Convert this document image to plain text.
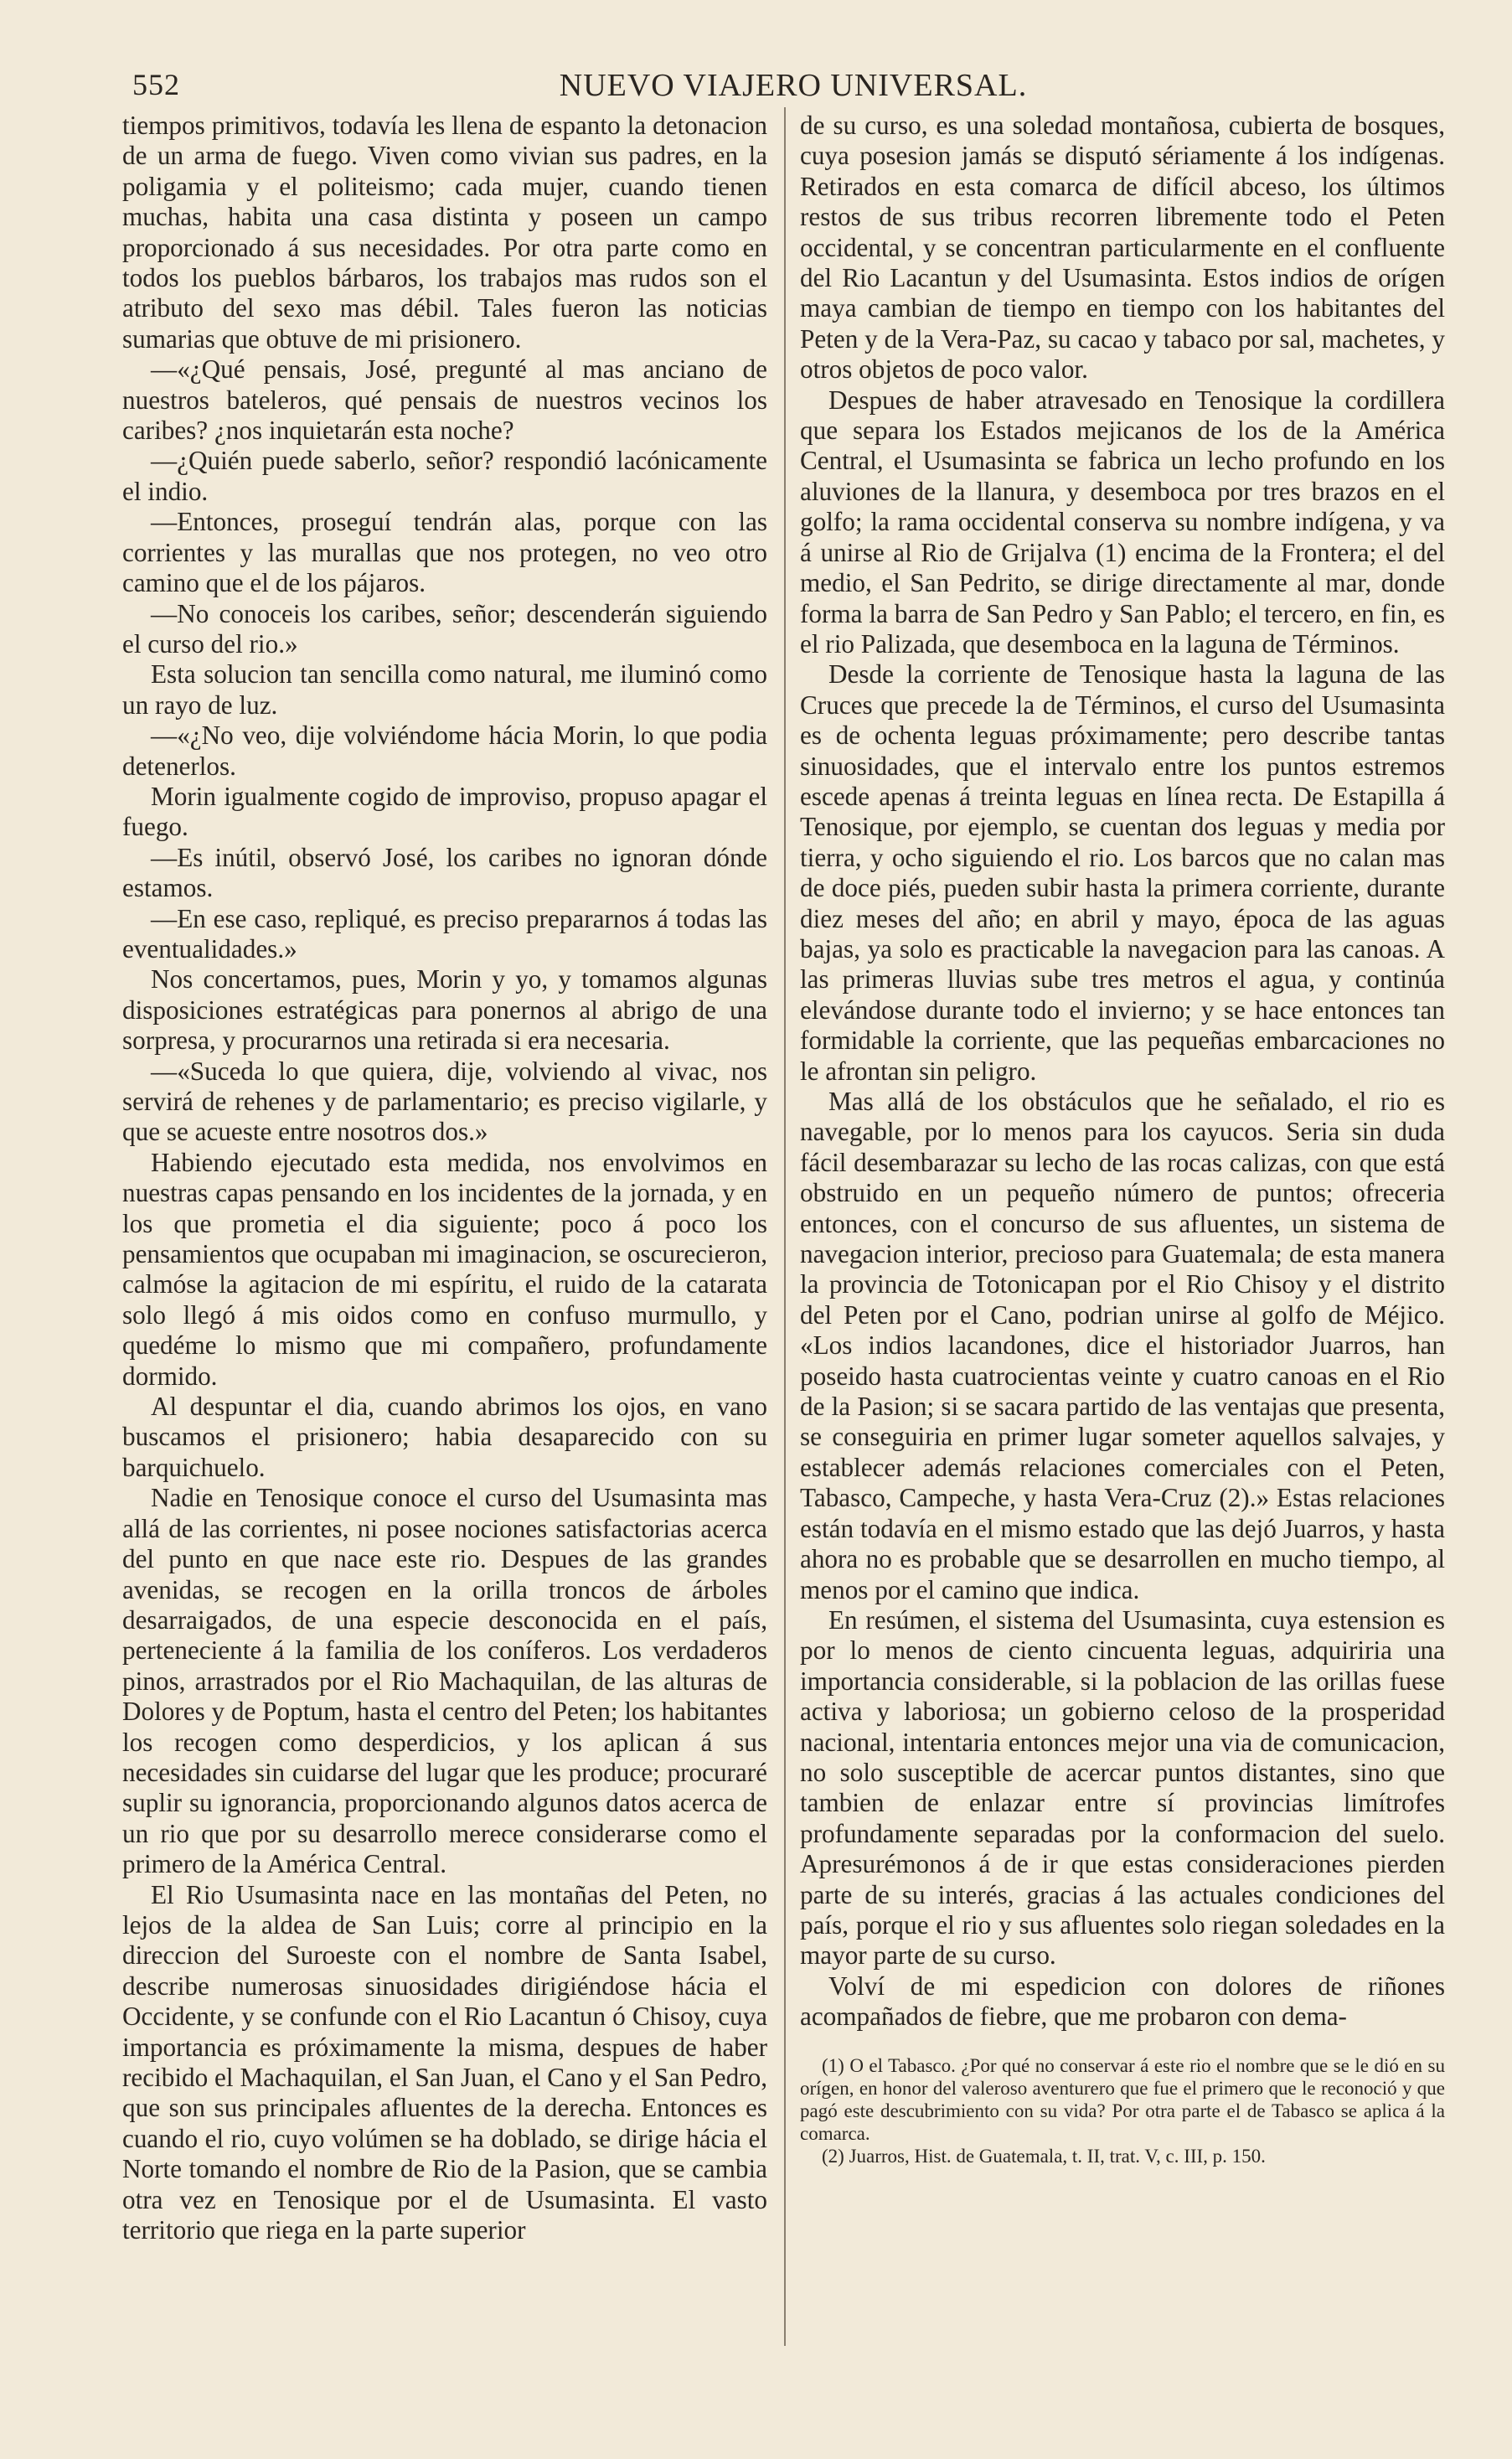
552	NUEVO VIAJERO UNIVERSAL.

tiempos primitivos, todavía les llena de espanto la detonacion de un arma de fuego. Viven como vivian sus padres, en la poligamia y el politeismo; cada mujer, cuando tienen muchas, habita una casa distinta y poseen un campo proporcionado á sus necesidades. Por otra parte como en todos los pueblos bárbaros, los trabajos mas rudos son el atributo del sexo mas débil. Tales fueron las noticias sumarias que obtuve de mi prisionero.

—«¿Qué pensais, José, pregunté al mas anciano de nuestros bateleros, qué pensais de nuestros vecinos los caribes? ¿nos inquietarán esta noche?

—¿Quién puede saberlo, señor? respondió lacónicamente el indio.

—Entonces, proseguí tendrán alas, porque con las corrientes y las murallas que nos protegen, no veo otro camino que el de los pájaros.

—No conoceis los caribes, señor; descenderán siguiendo el curso del rio.»

Esta solucion tan sencilla como natural, me iluminó como un rayo de luz.

—«¿No veo, dije volviéndome hácia Morin, lo que podia detenerlos.

Morin igualmente cogido de improviso, propuso apagar el fuego.

—Es inútil, observó José, los caribes no ignoran dónde estamos.

—En ese caso, repliqué, es preciso prepararnos á todas las eventualidades.»

Nos concertamos, pues, Morin y yo, y tomamos algunas disposiciones estratégicas para ponernos al abrigo de una sorpresa, y procurarnos una retirada si era necesaria.

—«Suceda lo que quiera, dije, volviendo al vivac, nos servirá de rehenes y de parlamentario; es preciso vigilarle, y que se acueste entre nosotros dos.»

Habiendo ejecutado esta medida, nos envolvimos en nuestras capas pensando en los incidentes de la jornada, y en los que prometia el dia siguiente; poco á poco los pensamientos que ocupaban mi imaginacion, se oscurecieron, calmóse la agitacion de mi espíritu, el ruido de la catarata solo llegó á mis oidos como en confuso murmullo, y quedéme lo mismo que mi compañero, profundamente dormido.

Al despuntar el dia, cuando abrimos los ojos, en vano buscamos el prisionero; habia desaparecido con su barquichuelo.

Nadie en Tenosique conoce el curso del Usumasinta mas allá de las corrientes, ni posee nociones satisfactorias acerca del punto en que nace este rio. Despues de las grandes avenidas, se recogen en la orilla troncos de árboles desarraigados, de una especie desconocida en el país, perteneciente á la familia de los coníferos. Los verdaderos pinos, arrastrados por el Rio Machaquilan, de las alturas de Dolores y de Poptum, hasta el centro del Peten; los habitantes los recogen como desperdicios, y los aplican á sus necesidades sin cuidarse del lugar que les produce; procuraré suplir su ignorancia, proporcionando algunos datos acerca de un rio que por su desarrollo merece considerarse como el primero de la América Central.

El Rio Usumasinta nace en las montañas del Peten, no lejos de la aldea de San Luis; corre al principio en la direccion del Suroeste con el nombre de Santa Isabel, describe numerosas sinuosidades dirigiéndose hácia el Occidente, y se confunde con el Rio Lacantun ó Chisoy, cuya importancia es próximamente la misma, despues de haber recibido el Machaquilan, el San Juan, el Cano y el San Pedro, que son sus principales afluentes de la derecha. Entonces es cuando el rio, cuyo volúmen se ha doblado, se dirige hácia el Norte tomando el nombre de Rio de la Pasion, que se cambia otra vez en Tenosique por el de Usumasinta. El vasto territorio que riega en la parte superior

de su curso, es una soledad montañosa, cubierta de bosques, cuya posesion jamás se disputó sériamente á los indígenas. Retirados en esta comarca de difícil abceso, los últimos restos de sus tribus recorren libremente todo el Peten occidental, y se concentran particularmente en el confluente del Rio Lacantun y del Usumasinta. Estos indios de orígen maya cambian de tiempo en tiempo con los habitantes del Peten y de la Vera-Paz, su cacao y tabaco por sal, machetes, y otros objetos de poco valor.

Despues de haber atravesado en Tenosique la cordillera que separa los Estados mejicanos de los de la América Central, el Usumasinta se fabrica un lecho profundo en los aluviones de la llanura, y desemboca por tres brazos en el golfo; la rama occidental conserva su nombre indígena, y va á unirse al Rio de Grijalva (1) encima de la Frontera; el del medio, el San Pedrito, se dirige directamente al mar, donde forma la barra de San Pedro y San Pablo; el tercero, en fin, es el rio Palizada, que desemboca en la laguna de Términos.

Desde la corriente de Tenosique hasta la laguna de las Cruces que precede la de Términos, el curso del Usumasinta es de ochenta leguas próximamente; pero describe tantas sinuosidades, que el intervalo entre los puntos estremos escede apenas á treinta leguas en línea recta. De Estapilla á Tenosique, por ejemplo, se cuentan dos leguas y media por tierra, y ocho siguiendo el rio. Los barcos que no calan mas de doce piés, pueden subir hasta la primera corriente, durante diez meses del año; en abril y mayo, época de las aguas bajas, ya solo es practicable la navegacion para las canoas. A las primeras lluvias sube tres metros el agua, y continúa elevándose durante todo el invierno; y se hace entonces tan formidable la corriente, que las pequeñas embarcaciones no le afrontan sin peligro.

Mas allá de los obstáculos que he señalado, el rio es navegable, por lo menos para los cayucos. Seria sin duda fácil desembarazar su lecho de las rocas calizas, con que está obstruido en un pequeño número de puntos; ofreceria entonces, con el concurso de sus afluentes, un sistema de navegacion interior, precioso para Guatemala; de esta manera la provincia de Totonicapan por el Rio Chisoy y el distrito del Peten por el Cano, podrian unirse al golfo de Méjico. «Los indios lacandones, dice el historiador Juarros, han poseido hasta cuatrocientas veinte y cuatro canoas en el Rio de la Pasion; si se sacara partido de las ventajas que presenta, se conseguiria en primer lugar someter aquellos salvajes, y establecer además relaciones comerciales con el Peten, Tabasco, Campeche, y hasta Vera-Cruz (2).» Estas relaciones están todavía en el mismo estado que las dejó Juarros, y hasta ahora no es probable que se desarrollen en mucho tiempo, al menos por el camino que indica.

En resúmen, el sistema del Usumasinta, cuya estension es por lo menos de ciento cincuenta leguas, adquiriria una importancia considerable, si la poblacion de las orillas fuese activa y laboriosa; un gobierno celoso de la prosperidad nacional, intentaria entonces mejor una via de comunicacion, no solo susceptible de acercar puntos distantes, sino que tambien de enlazar entre sí provincias limítrofes profundamente separadas por la conformacion del suelo. Apresurémonos á de ir que estas consideraciones pierden parte de su interés, gracias á las actuales condiciones del país, porque el rio y sus afluentes solo riegan soledades en la mayor parte de su curso.

Volví de mi espedicion con dolores de riñones acompañados de fiebre, que me probaron con dema-

(1) O el Tabasco. ¿Por qué no conservar á este rio el nombre que se le dió en su orígen, en honor del valeroso aventurero que fue el primero que le reconoció y que pagó este descubrimiento con su vida? Por otra parte el de Tabasco se aplica á la comarca.

(2) Juarros, Hist. de Guatemala, t. II, trat. V, c. III, p. 150.
